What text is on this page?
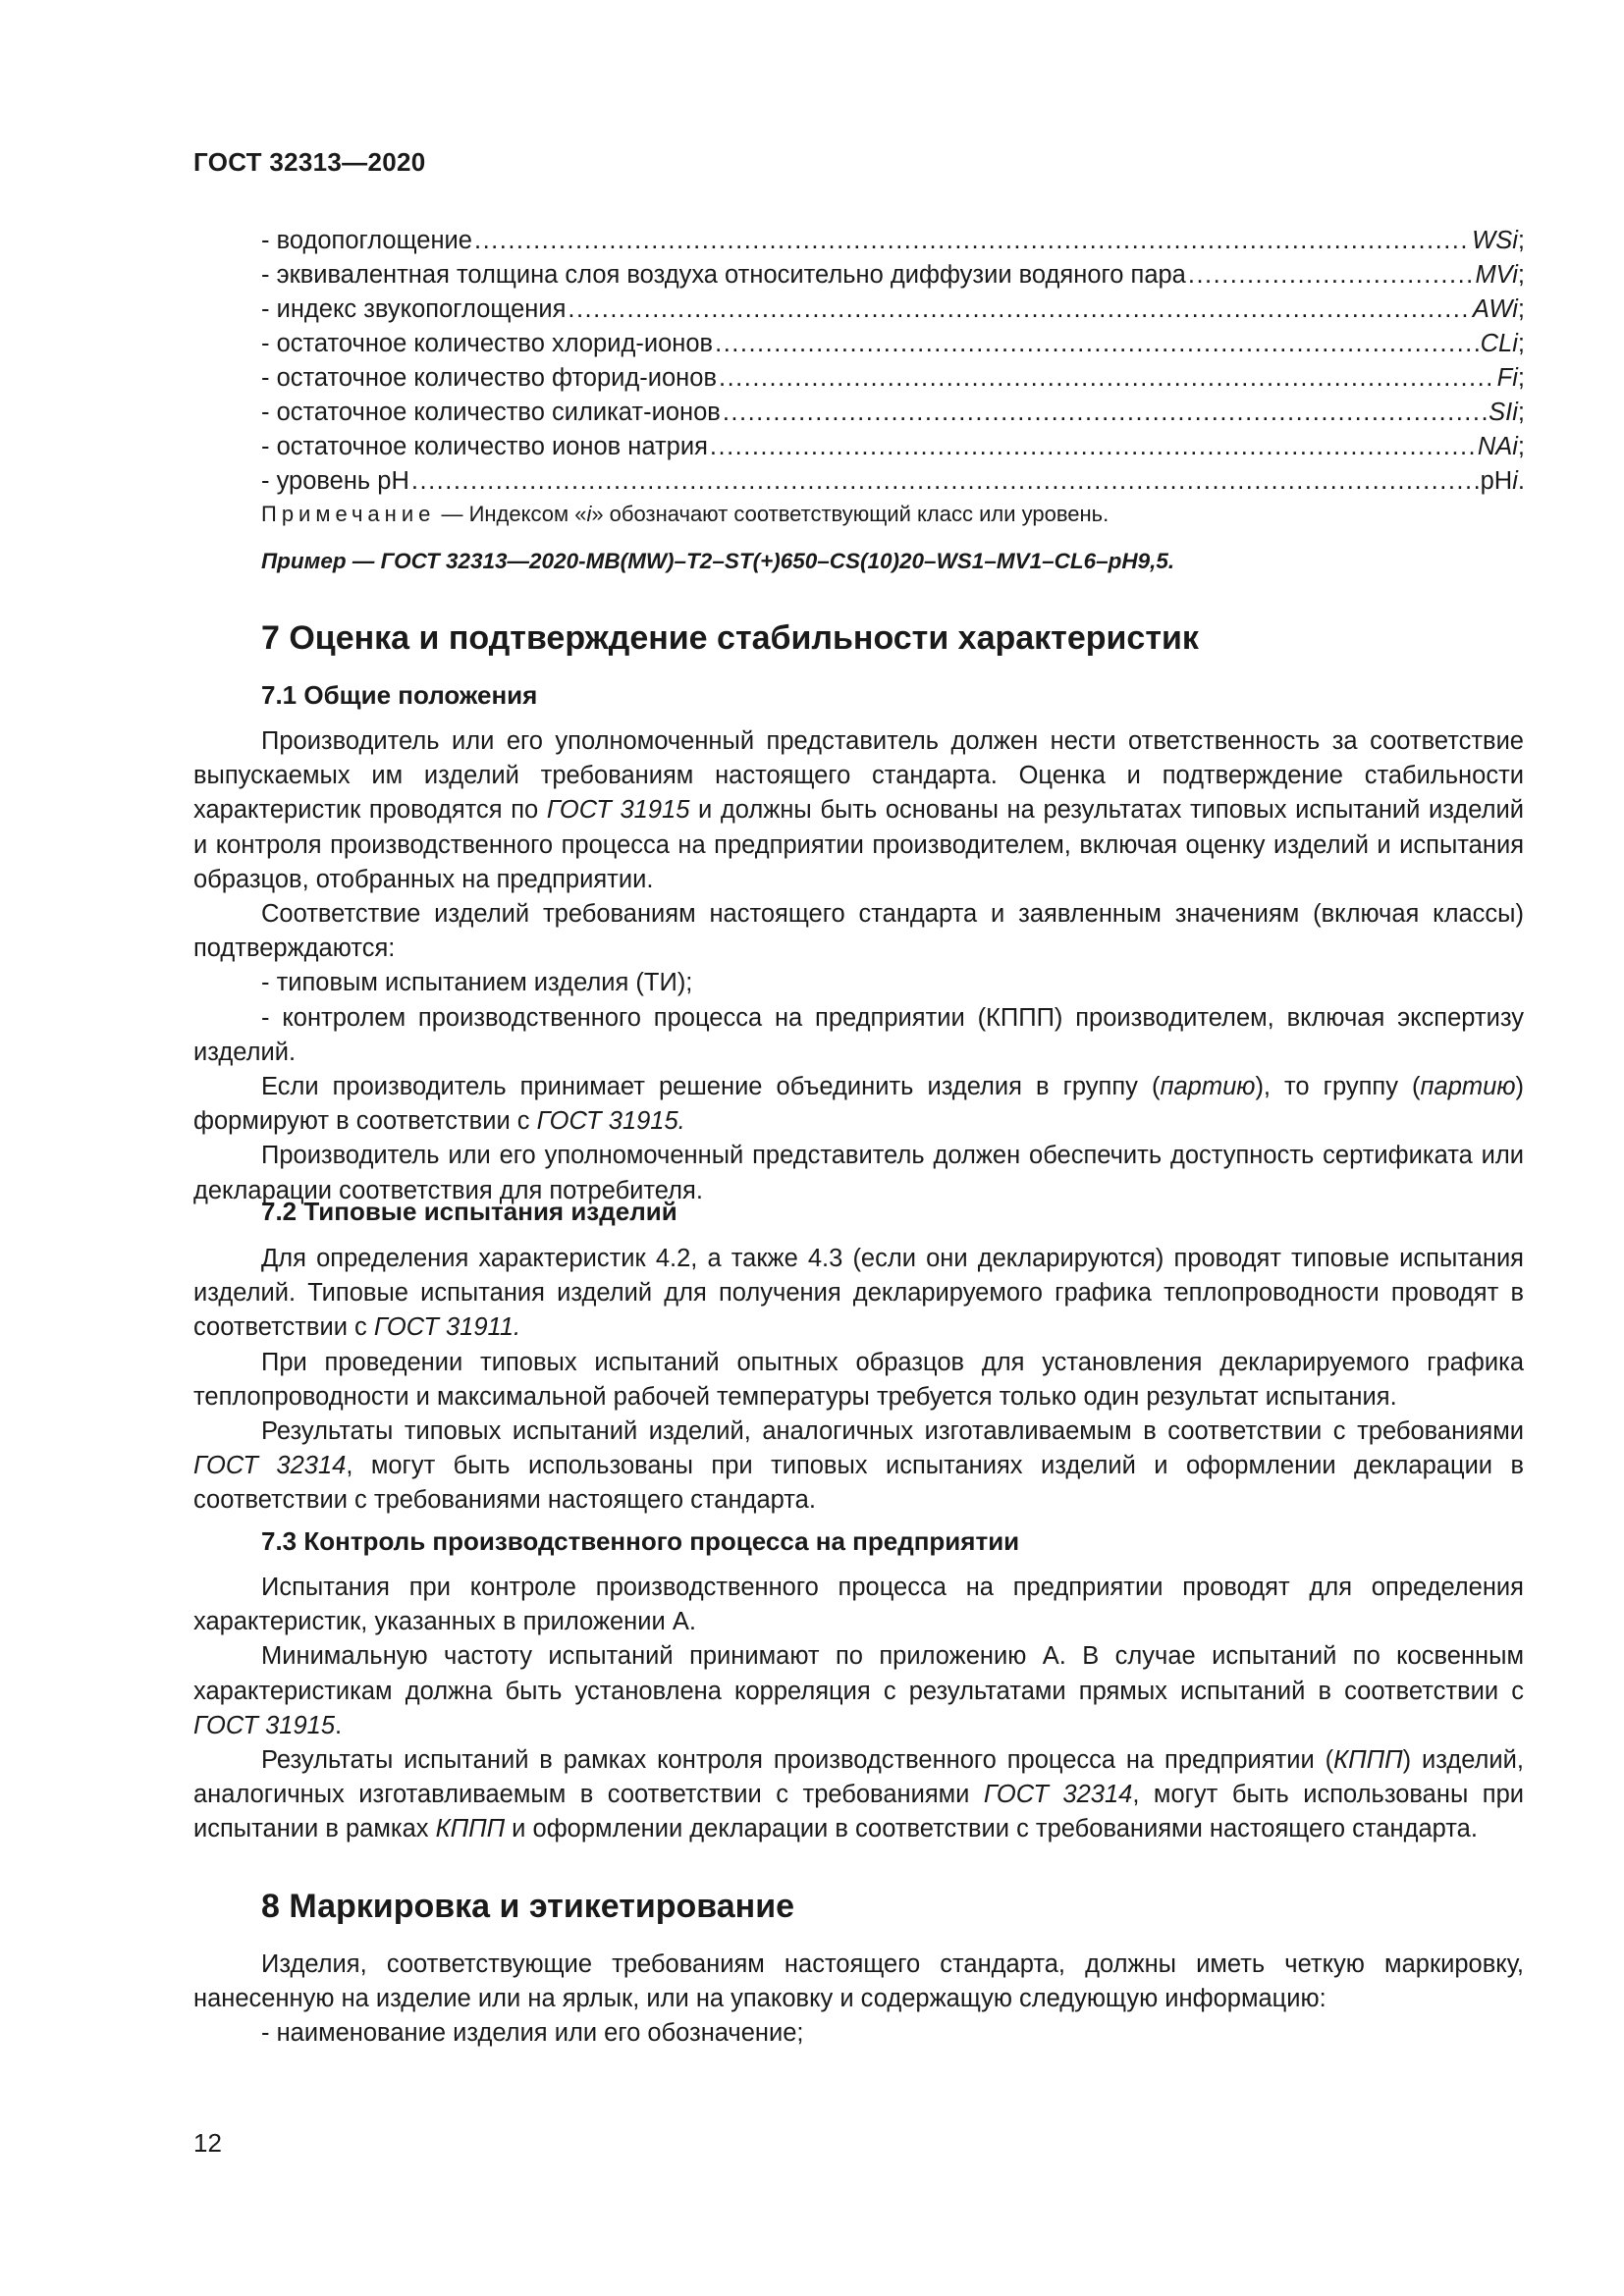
ГОСТ 32313—2020
- водопоглощение .....	WSi ;
- эквивалентная толщина слоя воздуха относительно диффузии водяного пара .....	MVi ;
- индекс звукопоглощения .....	AWi ;
- остаточное количество хлорид-ионов .....	CLi ;
- остаточное количество фторид-ионов .....	Fi ;
- остаточное количество силикат-ионов .....	SIi ;
- остаточное количество ионов натрия .....	NAi ;
- уровень рН .....	рН i .
Примечание — Индексом «i» обозначают соответствующий класс или уровень.
Пример — ГОСТ 32313—2020-MB(MW)–T2–ST(+)650–CS(10)20–WS1–MV1–CL6–pH9,5.
7 Оценка и подтверждение стабильности характеристик
7.1 Общие положения

Производитель или его уполномоченный представитель должен нести ответственность за соответствие выпускаемых им изделий требованиям настоящего стандарта. Оценка и подтверждение стабильности характеристик проводятся по ГОСТ 31915 и должны быть основаны на результатах типовых испытаний изделий и контроля производственного процесса на предприятии производителем, включая оценку изделий и испытания образцов, отобранных на предприятии.

Соответствие изделий требованиям настоящего стандарта и заявленным значениям (включая классы) подтверждаются:

- типовым испытанием изделия (ТИ);

- контролем производственного процесса на предприятии (КППП) производителем, включая экспертизу изделий.

Если производитель принимает решение объединить изделия в группу (партию), то группу (партию) формируют в соответствии с ГОСТ 31915.

Производитель или его уполномоченный представитель должен обеспечить доступность сертификата или декларации соответствия для потребителя.

7.2 Типовые испытания изделий

Для определения характеристик 4.2, а также 4.3 (если они декларируются) проводят типовые испытания изделий. Типовые испытания изделий для получения декларируемого графика теплопроводности проводят в соответствии с ГОСТ 31911.

При проведении типовых испытаний опытных образцов для установления декларируемого графика теплопроводности и максимальной рабочей температуры требуется только один результат испытания.

Результаты типовых испытаний изделий, аналогичных изготавливаемым в соответствии с требованиями ГОСТ 32314, могут быть использованы при типовых испытаниях изделий и оформлении декларации в соответствии с требованиями настоящего стандарта.

7.3 Контроль производственного процесса на предприятии

Испытания при контроле производственного процесса на предприятии проводят для определения характеристик, указанных в приложении А.

Минимальную частоту испытаний принимают по приложению А. В случае испытаний по косвенным характеристикам должна быть установлена корреляция с результатами прямых испытаний в соответствии с ГОСТ 31915.

Результаты испытаний в рамках контроля производственного процесса на предприятии (КППП) изделий, аналогичных изготавливаемым в соответствии с требованиями ГОСТ 32314, могут быть использованы при испытании в рамках КППП и оформлении декларации в соответствии с требованиями настоящего стандарта.

8 Маркировка и этикетирование

Изделия, соответствующие требованиям настоящего стандарта, должны иметь четкую маркировку, нанесенную на изделие или на ярлык, или на упаковку и содержащую следующую информацию:

- наименование изделия или его обозначение;

12
